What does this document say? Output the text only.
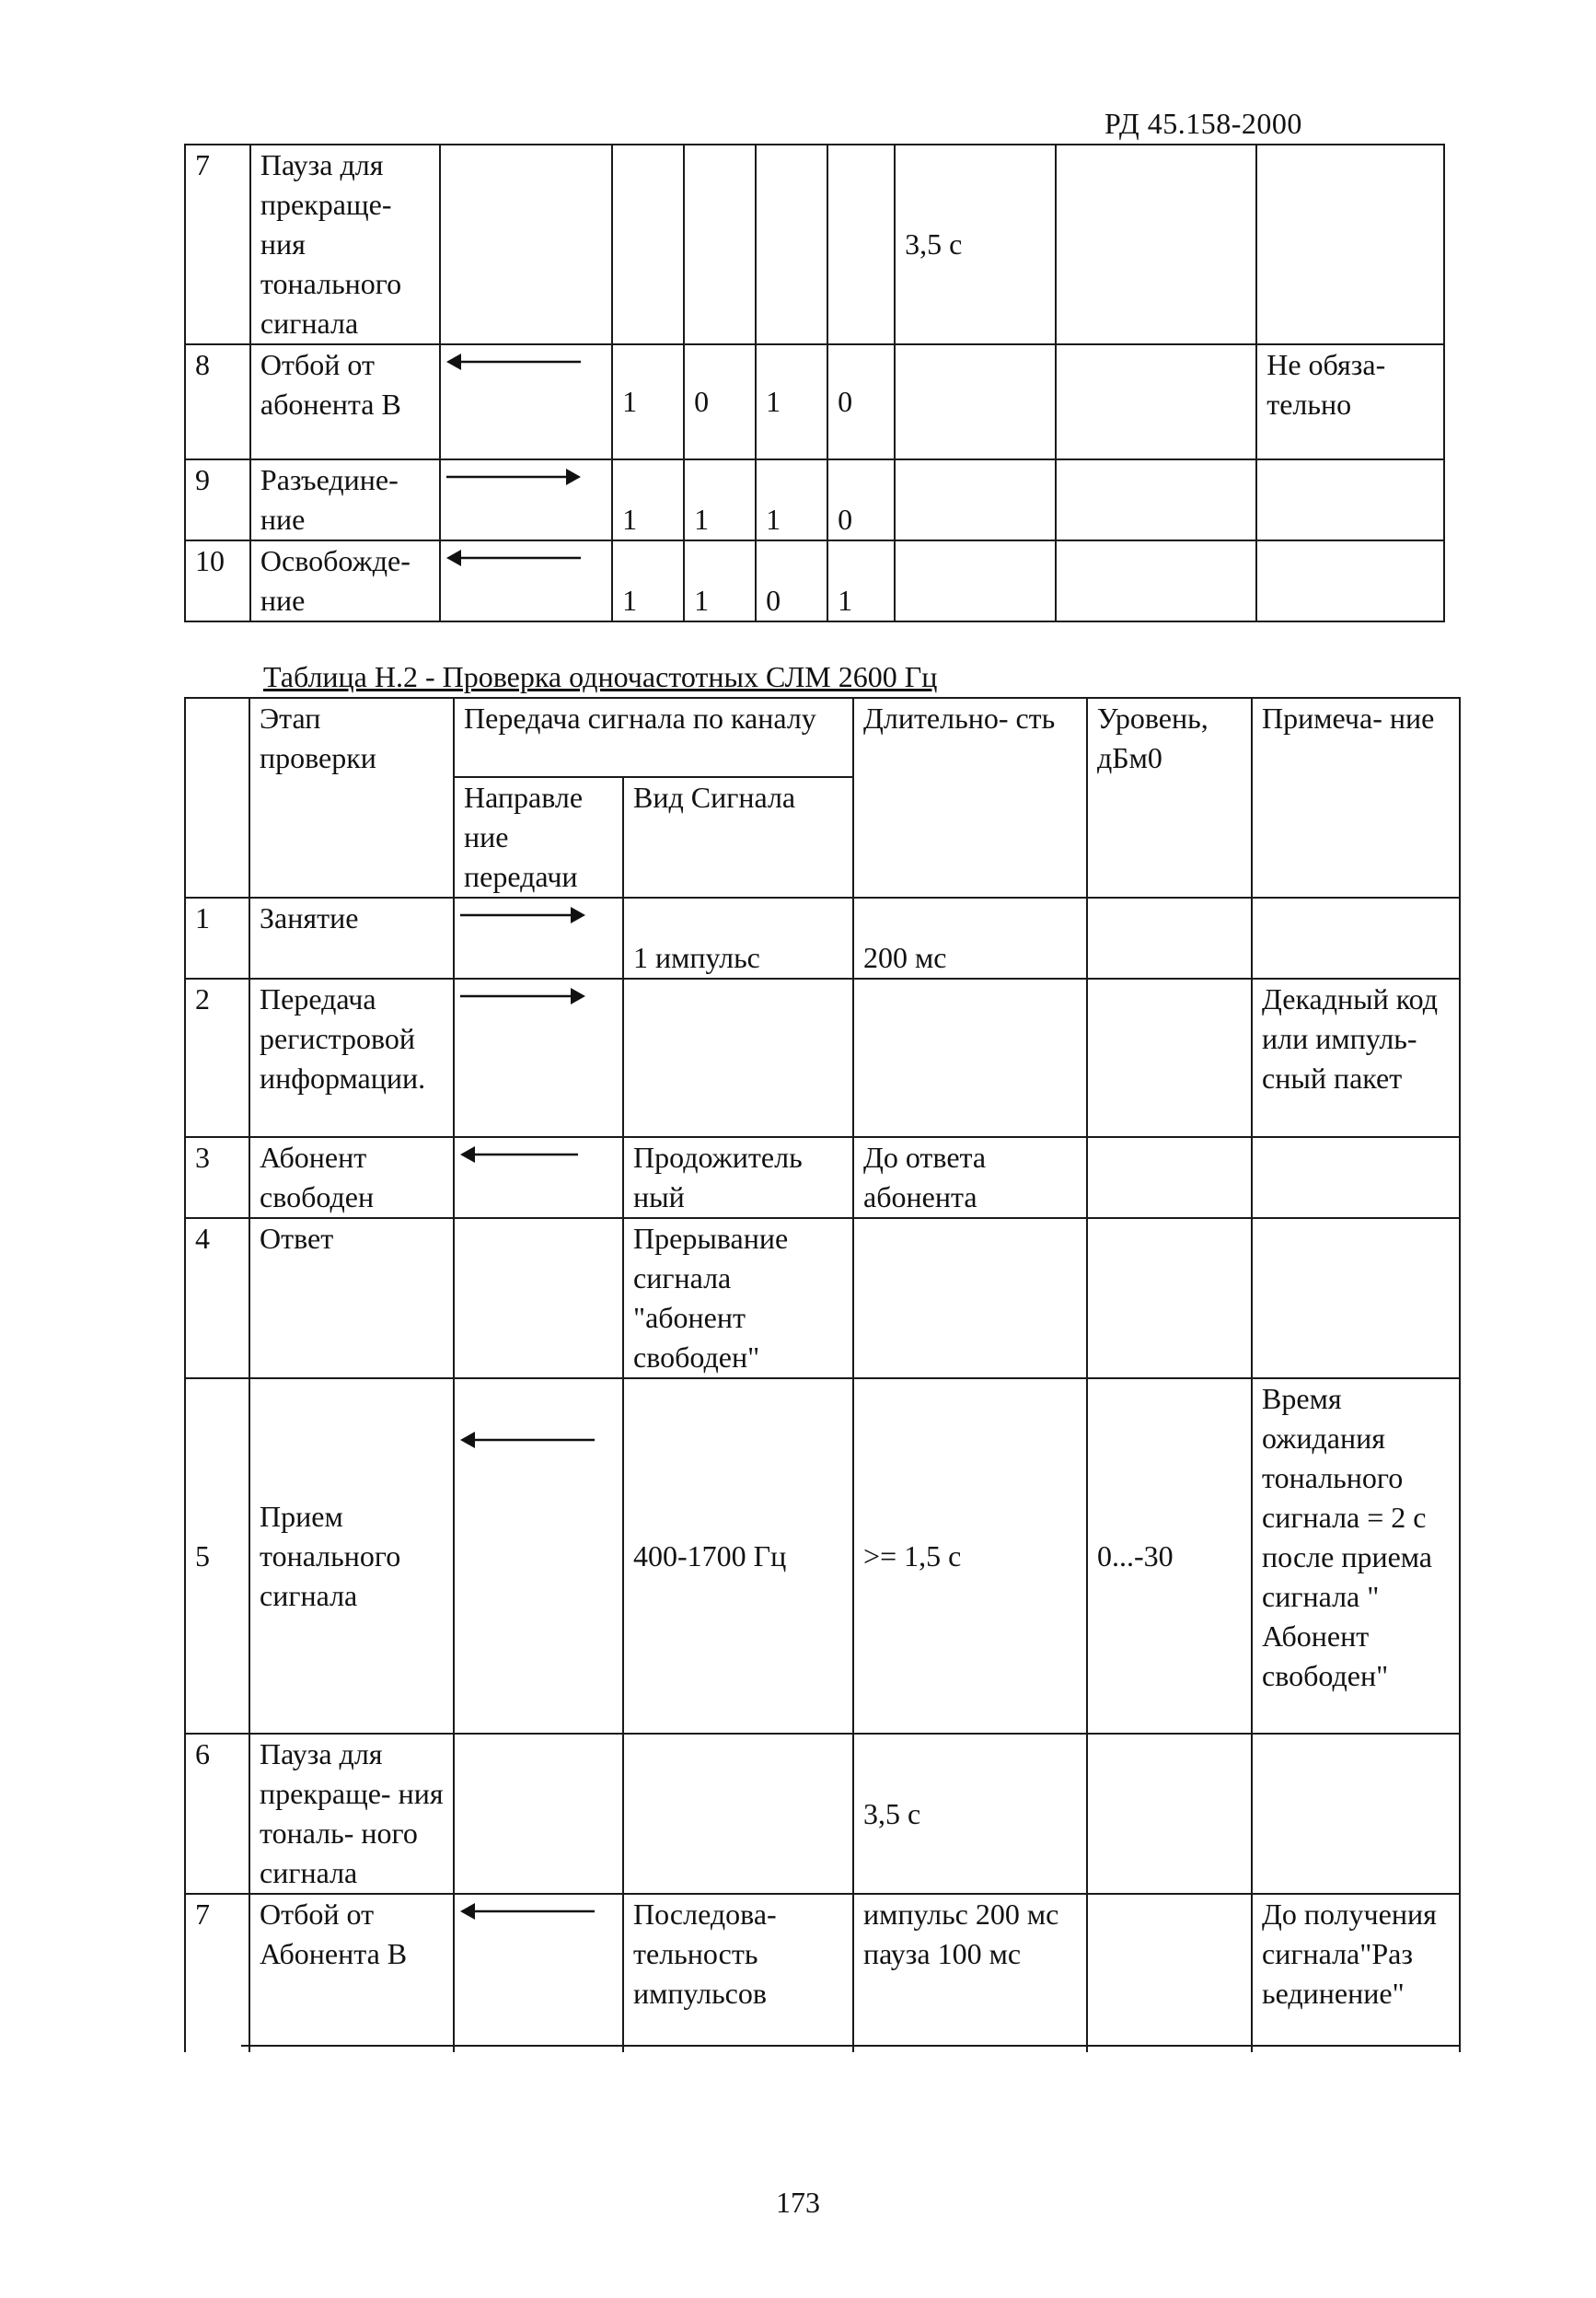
РД 45.158-2000
7	Пауза для прекраще- ния тонального сигнала						3,5 с		
8	Отбой от абонента В		1	0	1	0			Не обяза- тельно
9	Разъедине- ние		1	1	1	0			
10	Освобожде- ние		1	1	0	1			
Таблица Н.2 - Проверка одночастотных СЛМ 2600 Гц
	Этап проверки	Передача сигнала по каналу		Длительно- сть	Уровень, дБм0	Примеча- ние
		Направле ние передачи	Вид Сигнала			
1	Занятие		1 импульс	200 мс		
2	Передача регистровой информации.					Декадный код или импуль- сный пакет
3	Абонент свободен		Продожитель ный	До ответа абонента		
4	Ответ		Прерывание сигнала "абонент свободен"			
5	Прием тонального сигнала		400-1700 Гц	>= 1,5 с	0...-30	Время ожидания тонального сигнала = 2 с после приема сигнала " Абонент свободен"
6	Пауза для прекраще- ния тональ- ного сигнала			3,5 с		
7	Отбой от Абонента В		Последова- тельность импульсов	импульс 200 мс пауза 100 мс		До получения сигнала"Раз ьединение"
173
